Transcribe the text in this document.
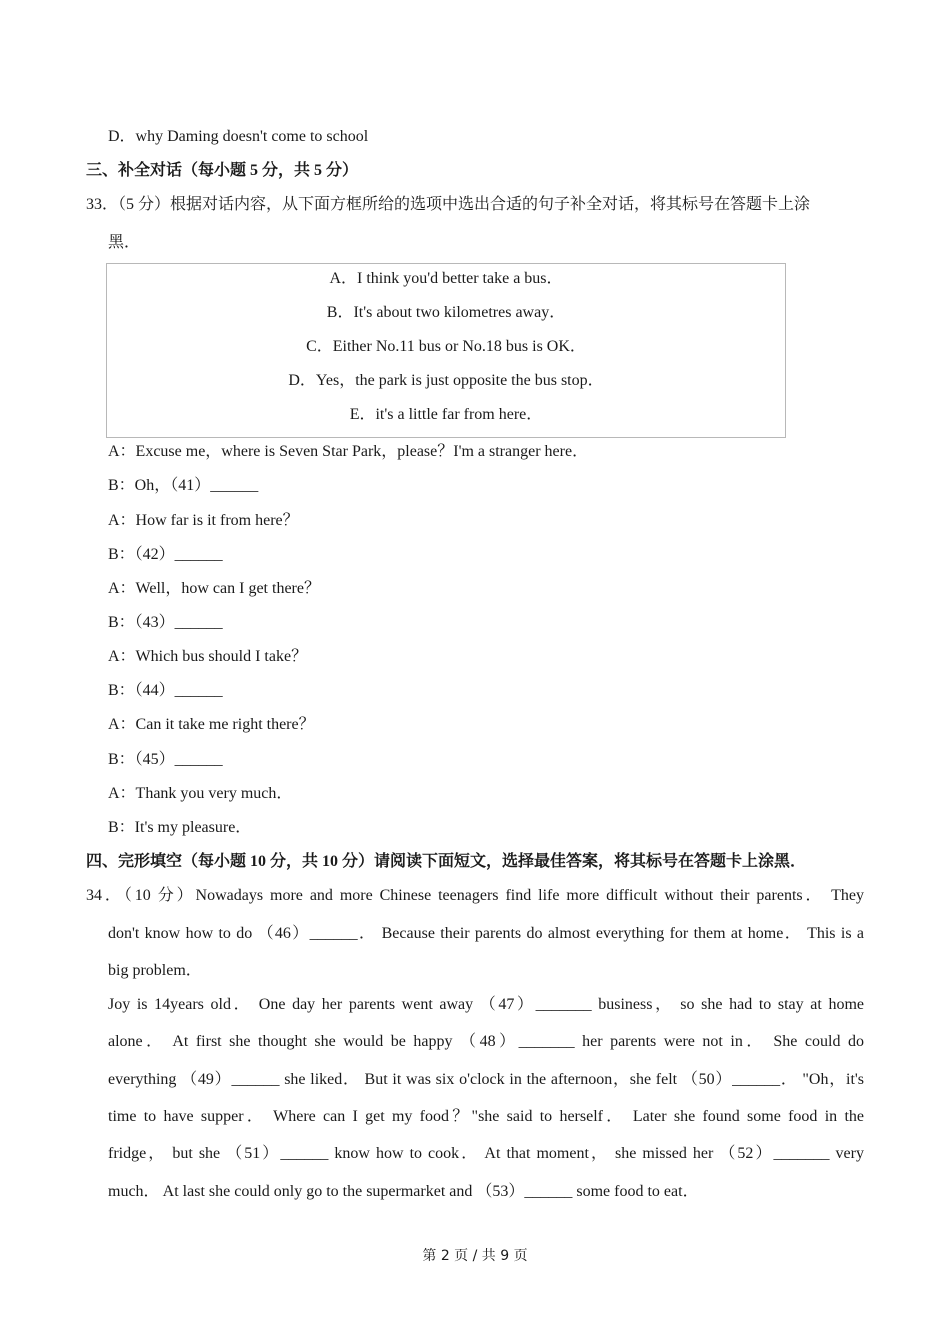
D．why Daming doesn't come to school
三、补全对话（每小题 5 分，共 5 分）
33．（5 分）根据对话内容，从下面方框所给的选项中选出合适的句子补全对话，将其标号在答题卡上涂
黑．
A．I think you'd better take a bus．
B．It's about two kilometres away．
C．Either No.11 bus or No.18 bus is OK．
D．Yes，the park is just opposite the bus stop．
E．it's a little far from here．
A：Excuse me，where is Seven Star Park，please？I'm a stranger here．
B：Oh，（41）______
A：How far is it from here？
B：（42）______
A：Well，how can I get there？
B：（43）______
A：Which bus should I take？
B：（44）______
A：Can it take me right there？
B：（45）______
A：Thank you very much．
B：It's my pleasure．
四、完形填空（每小题 10 分，共 10 分）请阅读下面短文，选择最佳答案，将其标号在答题卡上涂黑．
34．（10 分）Nowadays more and more Chinese teenagers find life more difficult without their parents． They
don't know how to do （46）______． Because their parents do almost everything for them at home． This is a
big problem．
Joy is 14years old． One day her parents went away （47）_______ business， so she had to stay at home
alone． At first she thought she would be happy （48）_______ her parents were not in． She could do
everything （49）______ she liked． But it was six o'clock in the afternoon，she felt （50）______． "Oh，it's
time to have supper． Where can I get my food？"she said to herself． Later she found some food in the
fridge， but she （51）______ know how to cook． At that moment， she missed her （52）_______ very
much． At last she could only go to the supermarket and （53）______ some food to eat．
第 2 页 / 共 9 页
